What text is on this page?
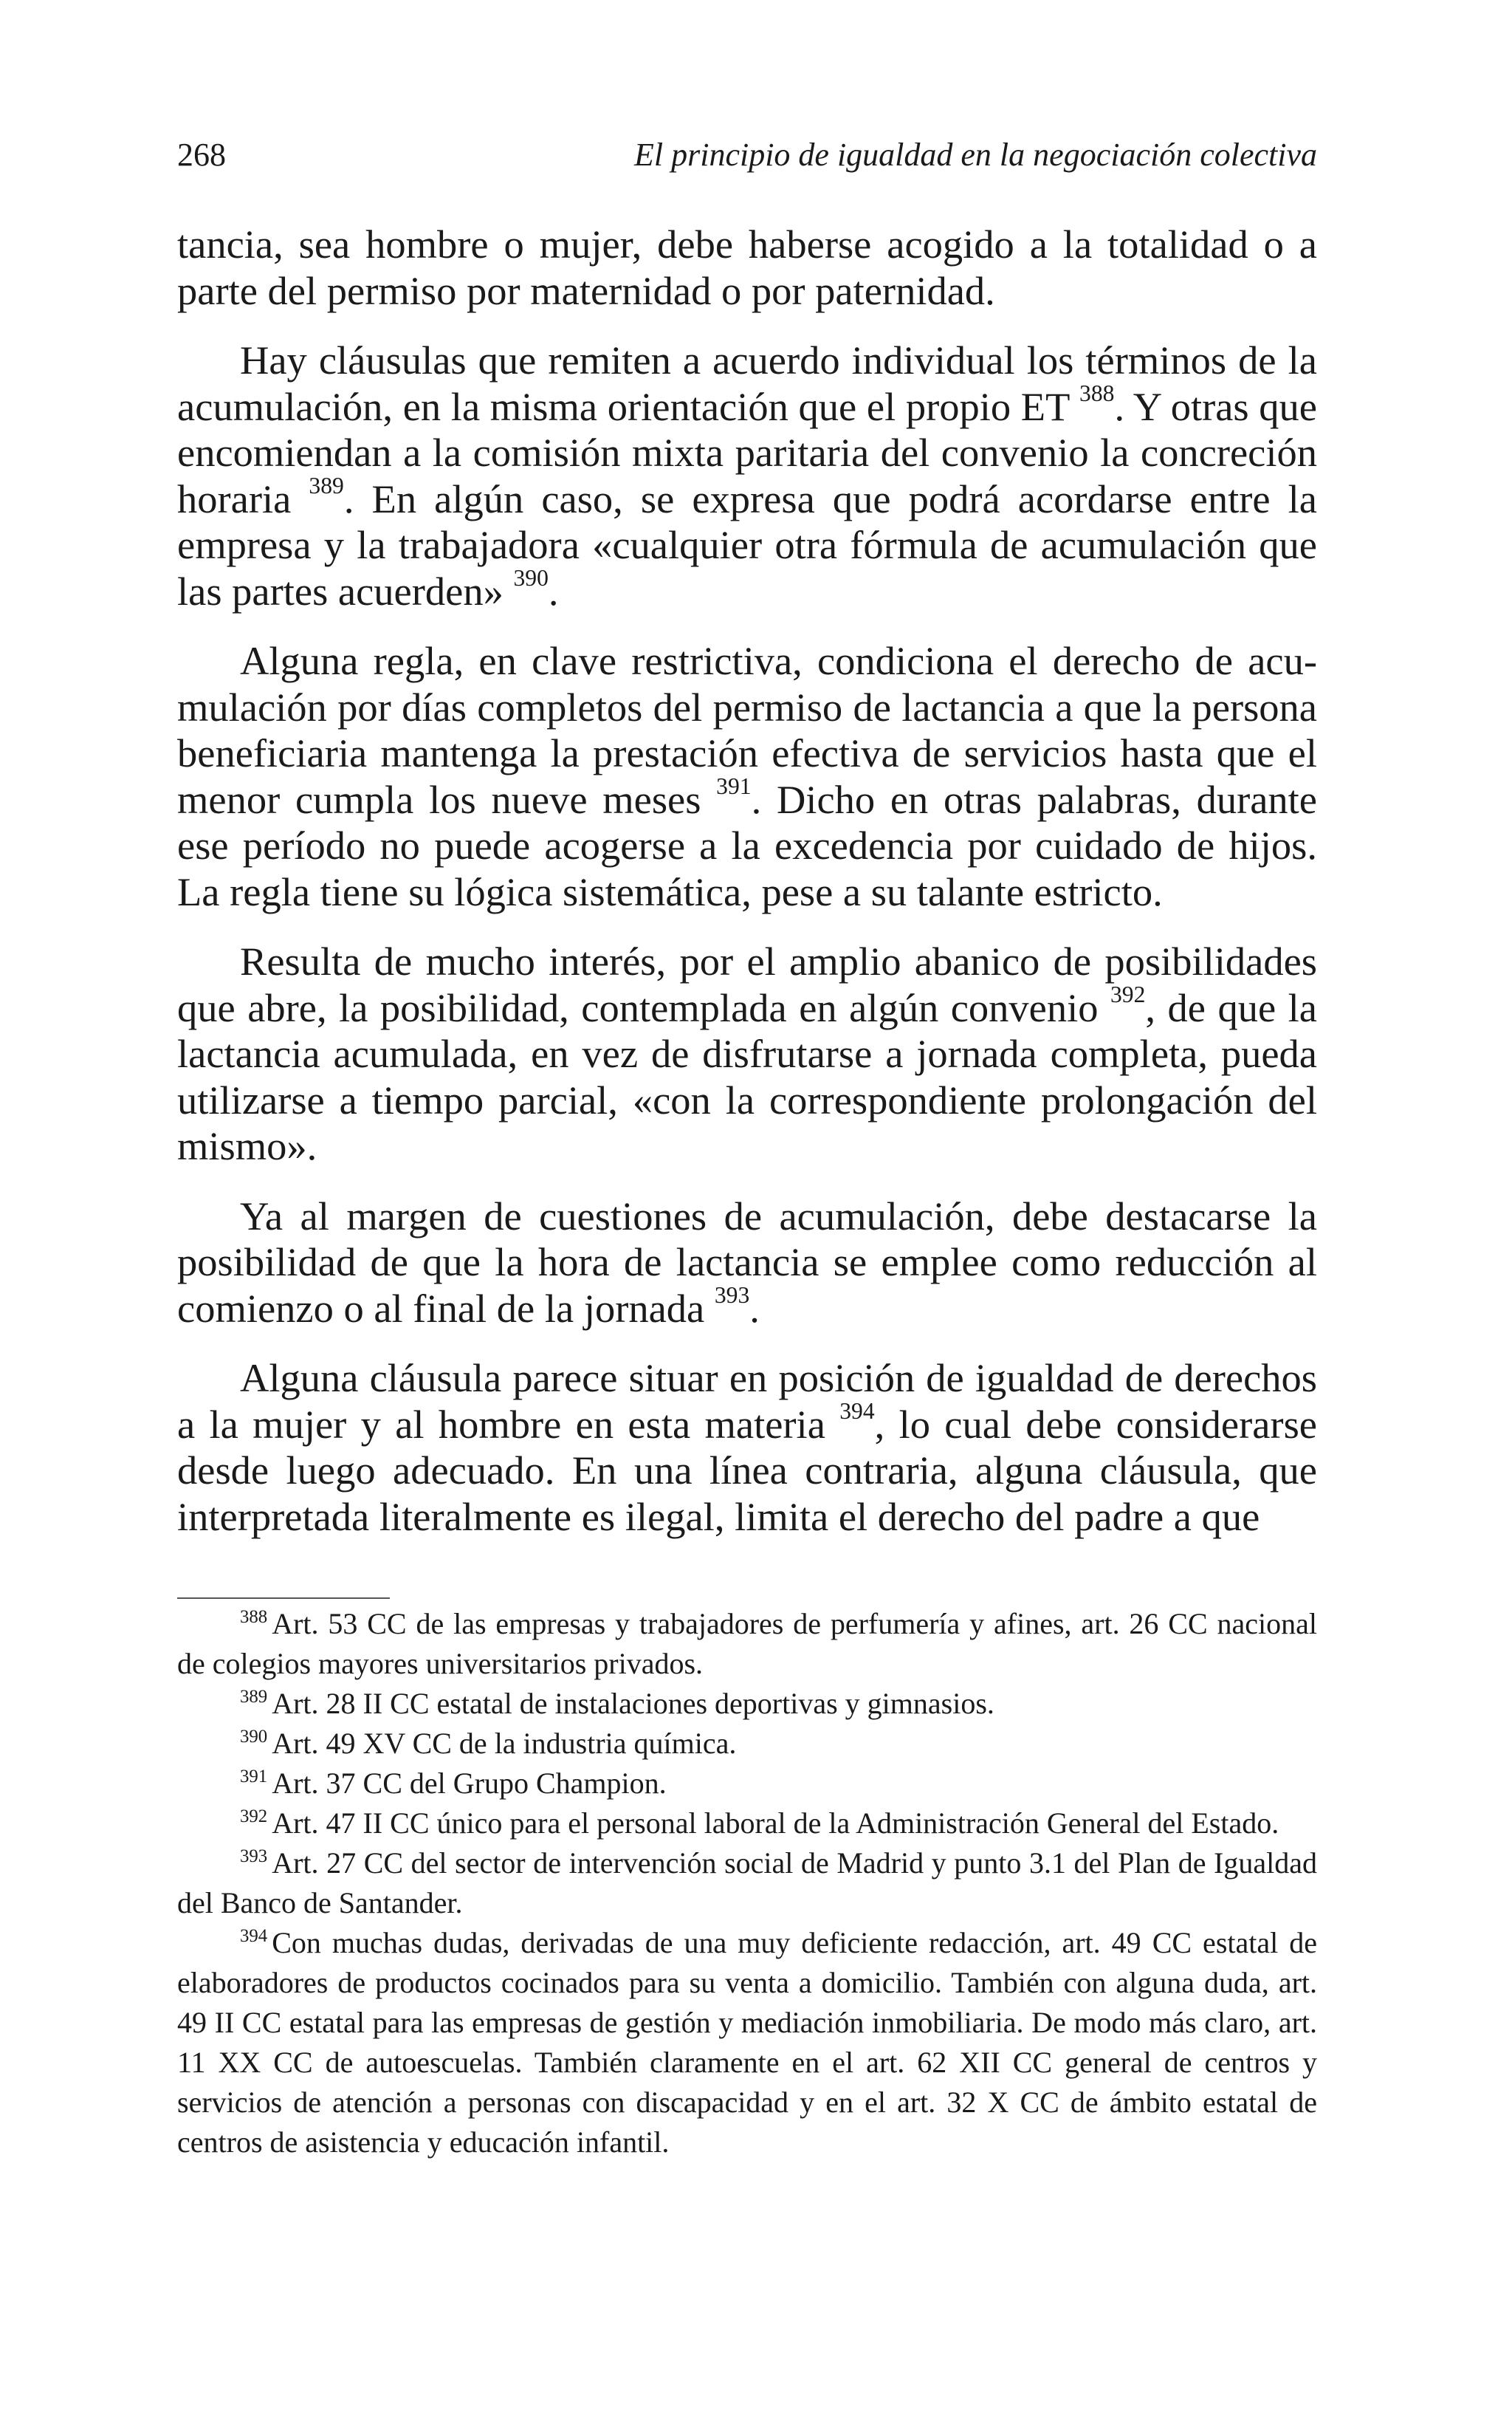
268	El principio de igualdad en la negociación colectiva

tancia, sea hombre o mujer, debe haberse acogido a la totalidad o a parte del permiso por maternidad o por paternidad.

Hay cláusulas que remiten a acuerdo individual los términos de la acumulación, en la misma orientación que el propio ET $^{388}$. Y otras que encomiendan a la comisión mixta paritaria del convenio la concreción horaria $^{389}$. En algún caso, se expresa que podrá acordarse entre la empresa y la trabajadora «cualquier otra fórmula de acumulación que las partes acuerden» $^{390}$.

Alguna regla, en clave restrictiva, condiciona el derecho de acumulación por días completos del permiso de lactancia a que la persona beneficiaria mantenga la prestación efectiva de servicios hasta que el menor cumpla los nueve meses $^{391}$. Dicho en otras palabras, durante ese período no puede acogerse a la excedencia por cuidado de hijos. La regla tiene su lógica sistemática, pese a su talante estricto.

Resulta de mucho interés, por el amplio abanico de posibilidades que abre, la posibilidad, contemplada en algún convenio $^{392}$, de que la lactancia acumulada, en vez de disfrutarse a jornada completa, pueda utilizarse a tiempo parcial, «con la correspondiente prolongación del mismo».

Ya al margen de cuestiones de acumulación, debe destacarse la posibilidad de que la hora de lactancia se emplee como reducción al comienzo o al final de la jornada $^{393}$.

Alguna cláusula parece situar en posición de igualdad de derechos a la mujer y al hombre en esta materia $^{394}$, lo cual debe considerarse desde luego adecuado. En una línea contraria, alguna cláusula, que interpretada literalmente es ilegal, limita el derecho del padre a que

$^{388}$ Art. 53 CC de las empresas y trabajadores de perfumería y afines, art. 26 CC nacional de colegios mayores universitarios privados.

$^{389}$ Art. 28 II CC estatal de instalaciones deportivas y gimnasios.

$^{390}$ Art. 49 XV CC de la industria química.

$^{391}$ Art. 37 CC del Grupo Champion.

$^{392}$ Art. 47 II CC único para el personal laboral de la Administración General del Estado.

$^{393}$ Art. 27 CC del sector de intervención social de Madrid y punto 3.1 del Plan de Igualdad del Banco de Santander.

$^{394}$ Con muchas dudas, derivadas de una muy deficiente redacción, art. 49 CC estatal de elaboradores de productos cocinados para su venta a domicilio. También con alguna duda, art. 49 II CC estatal para las empresas de gestión y mediación inmobiliaria. De modo más claro, art. 11 XX CC de autoescuelas. También claramente en el art. 62 XII CC general de centros y servicios de atención a personas con discapacidad y en el art. 32 X CC de ámbito estatal de centros de asistencia y educación infantil.
